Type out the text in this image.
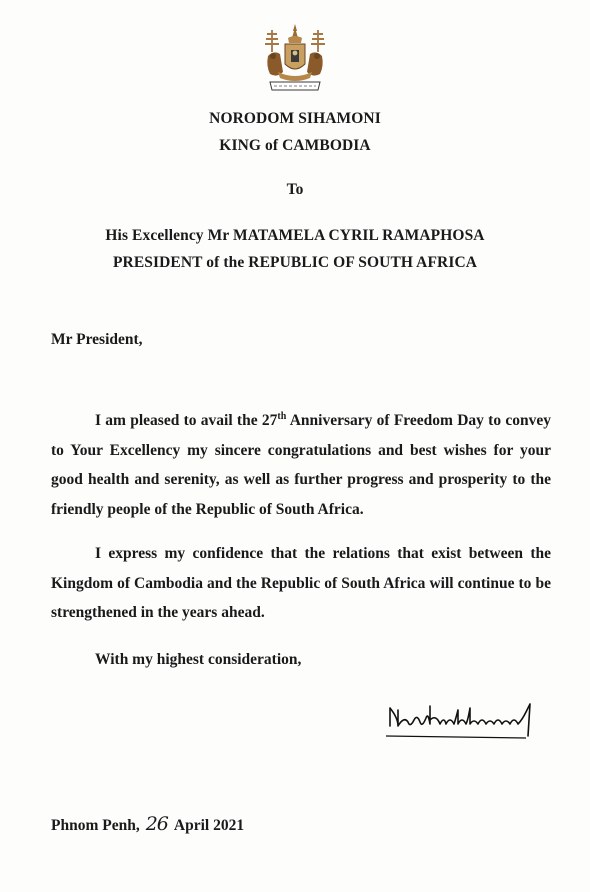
NORODOM SIHAMONI
KING of CAMBODIA
To
His Excellency Mr MATAMELA CYRIL RAMAPHOSA
PRESIDENT of the REPUBLIC OF SOUTH AFRICA
Mr President,

I am pleased to avail the 27th Anniversary of Freedom Day to convey to Your Excellency my sincere congratulations and best wishes for your good health and serenity, as well as further progress and prosperity to the friendly people of the Republic of South Africa.

I express my confidence that the relations that exist between the Kingdom of Cambodia and the Republic of South Africa will continue to be strengthened in the years ahead.

With my highest consideration,
Phnom Penh, 26 April 2021
